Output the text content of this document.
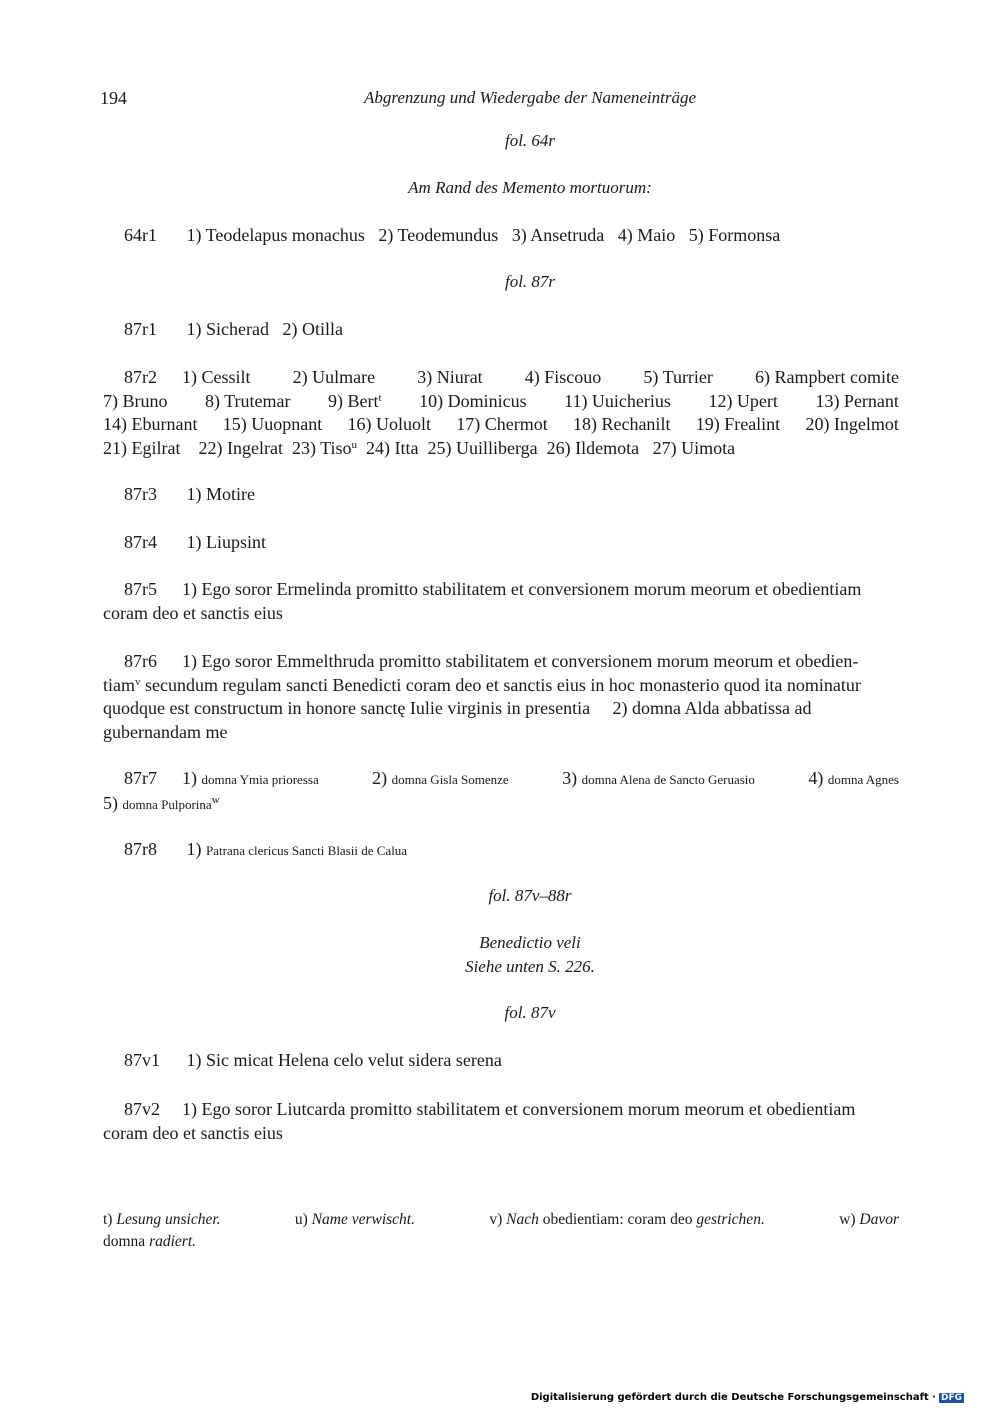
194	Abgrenzung und Wiedergabe der Nameneinträge
fol. 64r
Am Rand des Memento mortuorum:
64r1 1) Teodelapus monachus 2) Teodemundus 3) Ansetruda 4) Maio 5) Formonsa
fol. 87r
87r1 1) Sicherad 2) Otilla
87r2	1) Cessilt 2) Uulmare 3) Niurat 4) Fiscouo 5) Turrier 6) Rampbert comite
7) Bruno 8) Trutemar 9) Bert$^t$ 10) Dominicus 11) Uuicherius 12) Upert 13) Pernant
14) Eburnant 15) Uuopnant 16) Uoluolt 17) Chermot 18) Rechanilt 19) Frealint 20) Ingelmot
21) Egilrat
22) Ingelrat
23) Tiso$^u$
24) Itta
25) Uuilliberga
26) Ildemota
27) Uimota
87r3 1) Motire
87r4 1) Liupsint
87r5	1) Ego soror Ermelinda promitto stabilitatem et conversionem morum meorum et obedientiam
coram deo et sanctis eius
87r6	1) Ego soror Emmelthruda promitto stabilitatem et conversionem morum meorum et obedien-
tiam$^v$ secundum regulam sancti Benedicti coram deo et sanctis eius in hoc monasterio quod ita nominatur
quodque est constructum in honore sanctę Iulie virginis in presentia     2) domna Alda abbatissa ad
gubernandam me
87r7	1) domna Ymia prioressa	2) domna Gisla Somenze	3) domna Alena de Sancto Geruasio	4) domna Agnes
5) domna Pulporina$^w$
87r8 1) Patrana clericus Sancti Blasii de Calua
fol. 87v–88r
Benedictio veli
Siehe unten S. 226.
fol. 87v
87v1 1) Sic micat Helena celo velut sidera serena
87v2	1) Ego soror Liutcarda promitto stabilitatem et conversionem morum meorum et obedientiam
coram deo et sanctis eius
t) Lesung unsicher.	u) Name verwischt.	v) Nach obedientiam: coram deo gestrichen.	w) Davor
domna radiert.
Digitalisierung gefördert durch die Deutsche Forschungsgemeinschaft · DFG
